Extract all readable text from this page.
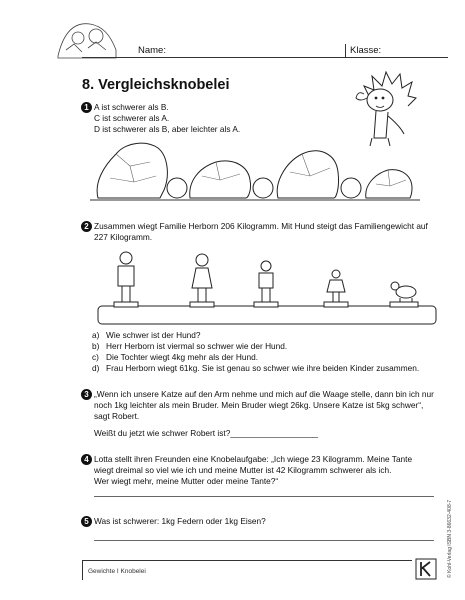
Name:	Klasse:
8. Vergleichsknobelei
1 A ist schwerer als B.
C ist schwerer als A.
D ist schwerer als B, aber leichter als A.
2 Zusammen wiegt Familie Herborn 206 Kilogramm. Mit Hund steigt das Familiengewicht auf
227 Kilogramm.
a) Wie schwer ist der Hund?
b) Herr Herborn ist viermal so schwer wie der Hund.
c) Die Tochter wiegt 4kg mehr als der Hund.
d) Frau Herborn wiegt 61kg. Sie ist genau so schwer wie ihre beiden Kinder zusammen.
3 „Wenn ich unsere Katze auf den Arm nehme und mich auf die Waage stelle, dann bin ich nur
noch 1kg leichter als mein Bruder. Mein Bruder wiegt 26kg. Unsere Katze ist 5kg schwer“,
sagt Robert.
Weißt du jetzt wie schwer Robert ist?___________________
4 Lotta stellt ihren Freunden eine Knobelaufgabe: „Ich wiege 23 Kilogramm. Meine Tante
wiegt dreimal so viel wie ich und meine Mutter ist 42 Kilogramm schwerer als ich.
Wer wiegt mehr, meine Mutter oder meine Tante?“
5 Was ist schwerer: 1kg Federn oder 1kg Eisen?
Gewichte I Knobelei	© Kohl-Verlag ISBN 3-86632-408-7
